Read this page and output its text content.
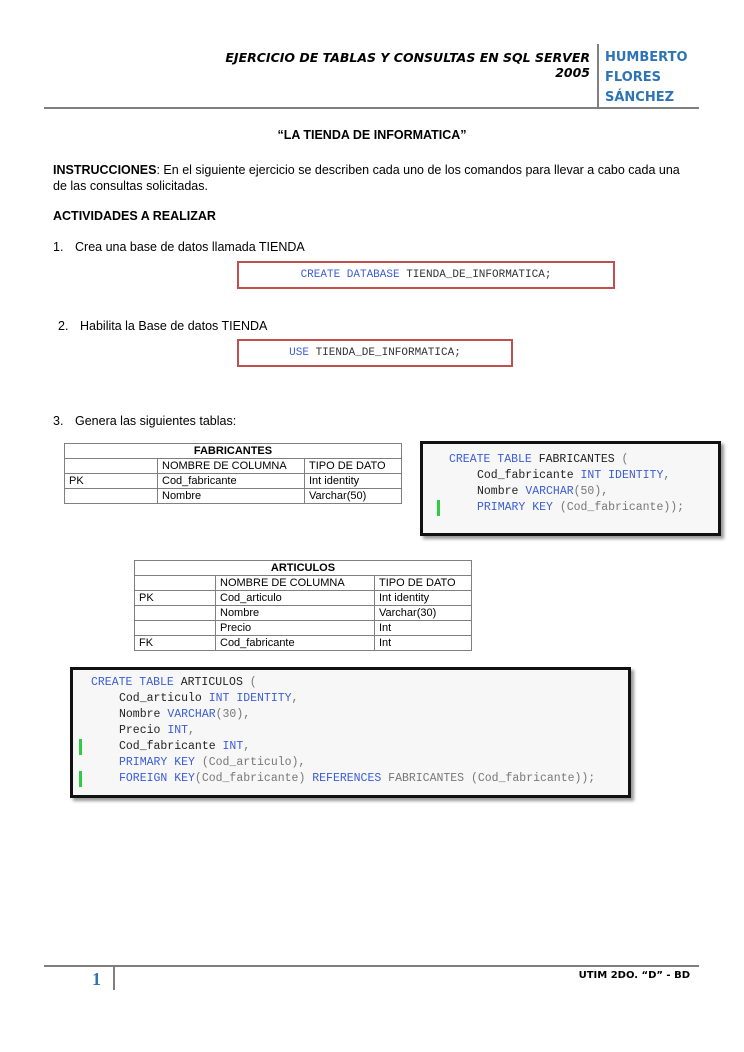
EJERCICIO DE TABLAS Y CONSULTAS EN SQL SERVER 2005
HUMBERTO
FLORES
SÁNCHEZ
“LA TIENDA DE INFORMATICA”
INSTRUCCIONES: En el siguiente ejercicio se describen cada uno de los comandos para llevar a cabo cada una de las consultas solicitadas.
ACTIVIDADES A REALIZAR
1. Crea una base de datos llamada TIENDA
CREATE DATABASE TIENDA_DE_INFORMATICA;
2. Habilita la Base de datos TIENDA
USE TIENDA_DE_INFORMATICA;
3. Genera las siguientes tablas:
FABRICANTES		
	NOMBRE DE COLUMNA	TIPO DE DATO
PK	Cod_fabricante	Int identity
	Nombre	Varchar(50)
CREATE TABLE FABRICANTES (
Cod_fabricante INT IDENTITY,
Nombre VARCHAR(50),
PRIMARY KEY (Cod_fabricante));
ARTICULOS		
	NOMBRE DE COLUMNA	TIPO DE DATO
PK	Cod_articulo	Int identity
	Nombre	Varchar(30)
	Precio	Int
FK	Cod_fabricante	Int
CREATE TABLE ARTICULOS (
Cod_articulo INT IDENTITY,
Nombre VARCHAR(30),
Precio INT,
Cod_fabricante INT,
PRIMARY KEY (Cod_articulo),
FOREIGN KEY(Cod_fabricante) REFERENCES FABRICANTES (Cod_fabricante));
1	UTIM 2DO. “D” - BD
